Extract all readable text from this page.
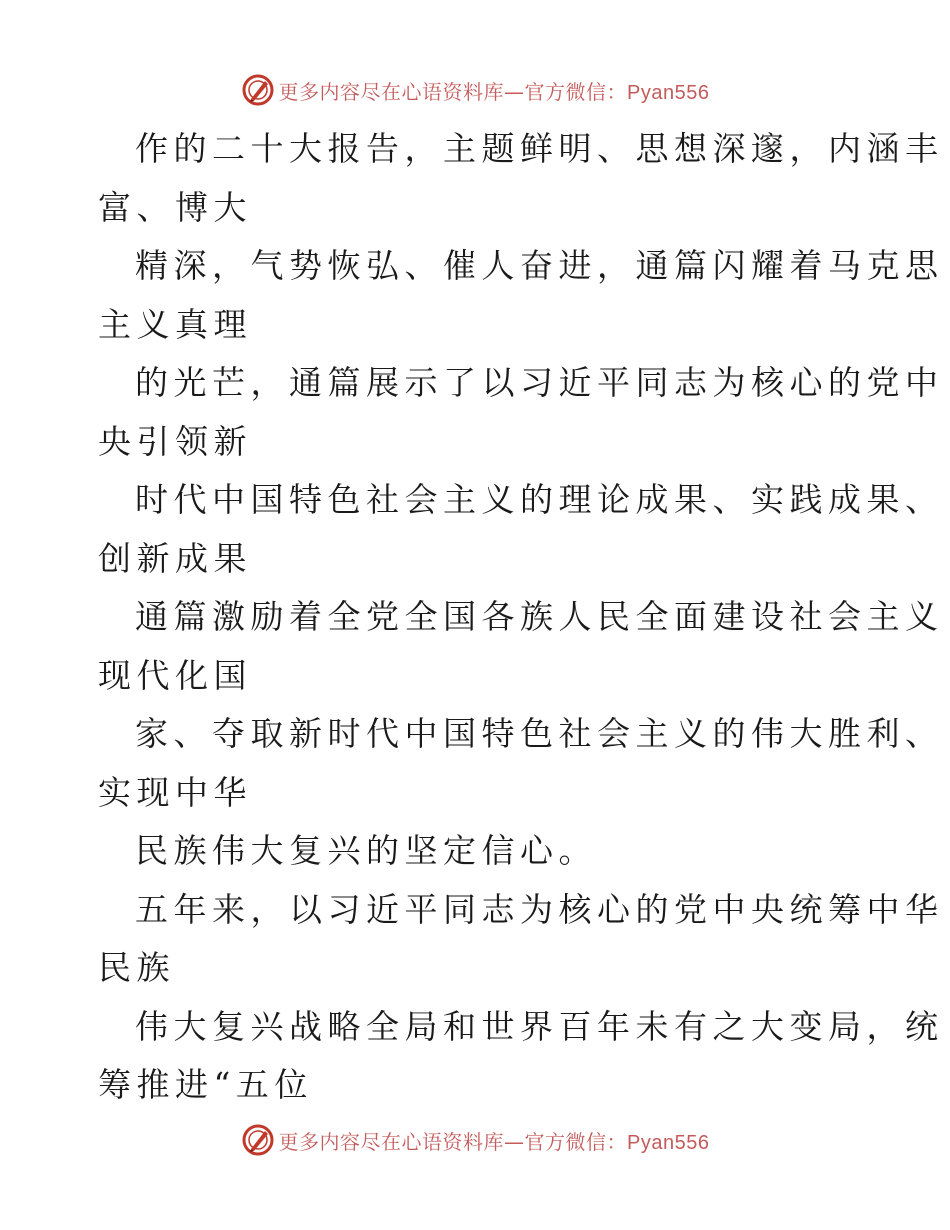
更多内容尽在心语资料库—官方微信：Pyan556
作的二十大报告，主题鲜明、思想深邃，内涵丰
富、博大
精深，气势恢弘、催人奋进，通篇闪耀着马克思
主义真理
的光芒，通篇展示了以习近平同志为核心的党中
央引领新
时代中国特色社会主义的理论成果、实践成果、
创新成果
通篇激励着全党全国各族人民全面建设社会主义
现代化国
家、夺取新时代中国特色社会主义的伟大胜利、
实现中华
民族伟大复兴的坚定信心。
五年来，以习近平同志为核心的党中央统筹中华
民族
伟大复兴战略全局和世界百年未有之大变局，统
筹推进“五位
更多内容尽在心语资料库—官方微信：Pyan556
